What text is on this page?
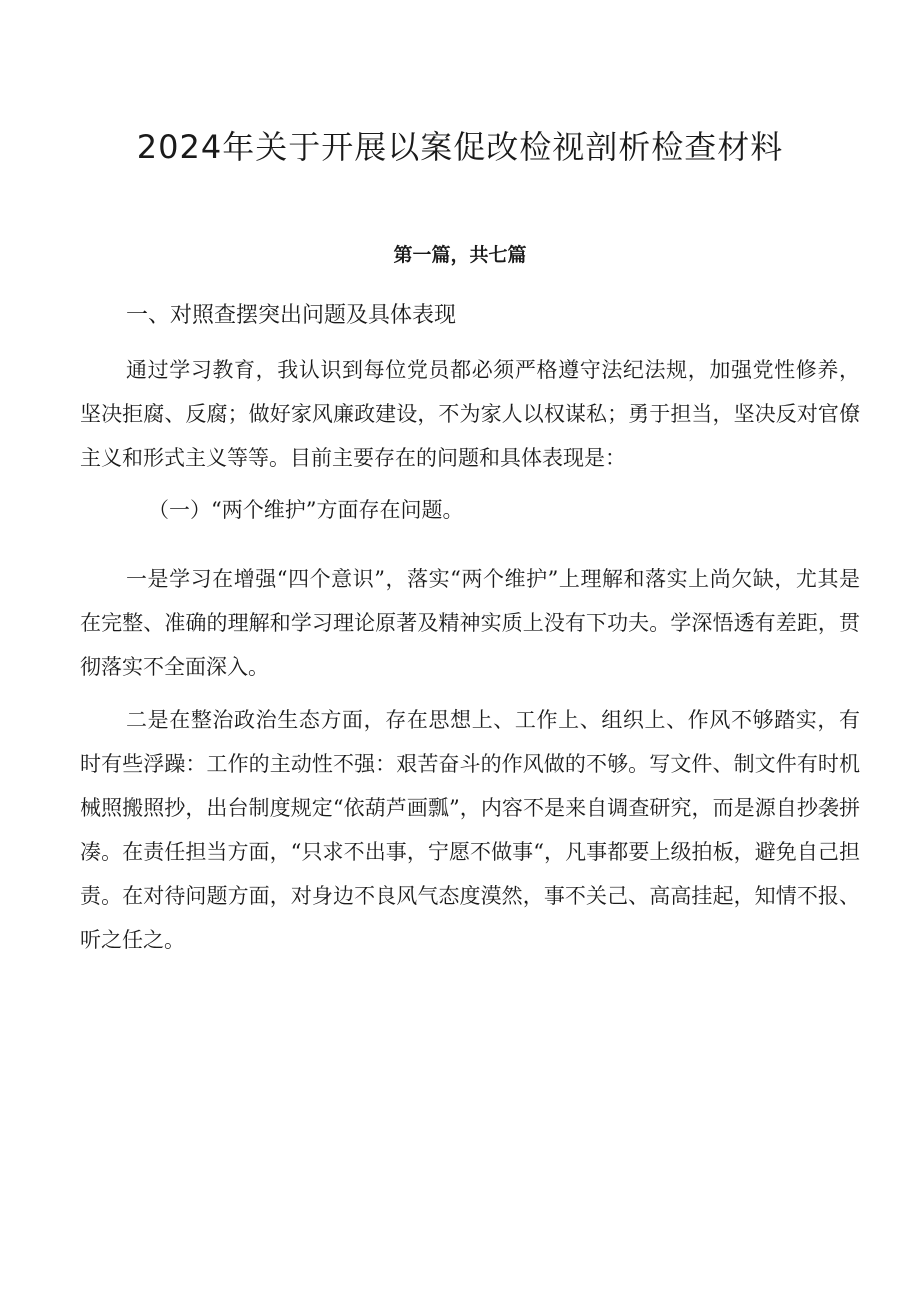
2024年关于开展以案促改检视剖析检查材料
第一篇，共七篇
一、对照查摆突出问题及具体表现

通过学习教育，我认识到每位党员都必须严格遵守法纪法规，加强党性修养，坚决拒腐、反腐；做好家风廉政建设，不为家人以权谋私；勇于担当，坚决反对官僚主义和形式主义等等。目前主要存在的问题和具体表现是：

（一）“两个维护”方面存在问题。

一是学习在增强“四个意识”，落实“两个维护”上理解和落实上尚欠缺，尤其是在完整、准确的理解和学习理论原著及精神实质上没有下功夫。学深悟透有差距，贯彻落实不全面深入。

二是在整治政治生态方面，存在思想上、工作上、组织上、作风不够踏实，有时有些浮躁：工作的主动性不强：艰苦奋斗的作风做的不够。写文件、制文件有时机械照搬照抄，出台制度规定“依葫芦画瓢”，内容不是来自调查研究，而是源自抄袭拼凑。在责任担当方面，“只求不出事，宁愿不做事“，凡事都要上级拍板，避免自己担责。在对待问题方面，对身边不良风气态度漠然，事不关己、高高挂起，知情不报、听之任之。
